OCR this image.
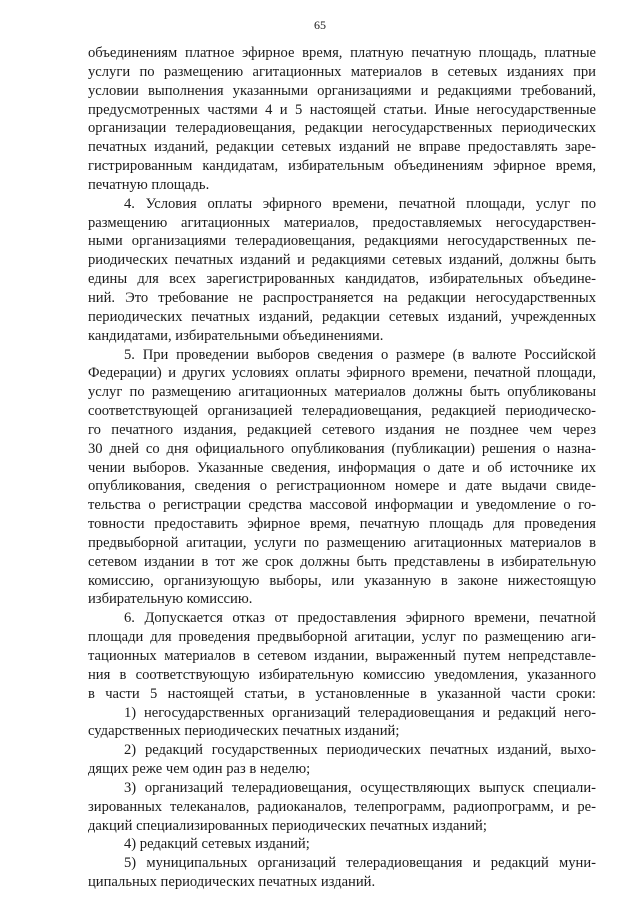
65
объединениям платное эфирное время, платную печатную площадь, платные
услуги по размещению агитационных материалов в сетевых изданиях при
условии выполнения указанными организациями и редакциями требований,
предусмотренных частями 4 и 5 настоящей статьи. Иные негосударственные
организации телерадиовещания, редакции негосударственных периодических
печатных изданий, редакции сетевых изданий не вправе предоставлять заре-
гистрированным кандидатам, избирательным объединениям эфирное время,
печатную площадь.
4. Условия оплаты эфирного времени, печатной площади, услуг по
размещению агитационных материалов, предоставляемых негосударствен-
ными организациями телерадиовещания, редакциями негосударственных пе-
риодических печатных изданий и редакциями сетевых изданий, должны быть
едины для всех зарегистрированных кандидатов, избирательных объедине-
ний. Это требование не распространяется на редакции негосударственных
периодических печатных изданий, редакции сетевых изданий, учрежденных
кандидатами, избирательными объединениями.
5. При проведении выборов сведения о размере (в валюте Российской
Федерации) и других условиях оплаты эфирного времени, печатной площади,
услуг по размещению агитационных материалов должны быть опубликованы
соответствующей организацией телерадиовещания, редакцией периодическо-
го печатного издания, редакцией сетевого издания не позднее чем через
30 дней со дня официального опубликования (публикации) решения о назна-
чении выборов. Указанные сведения, информация о дате и об источнике их
опубликования, сведения о регистрационном номере и дате выдачи свиде-
тельства о регистрации средства массовой информации и уведомление о го-
товности предоставить эфирное время, печатную площадь для проведения
предвыборной агитации, услуги по размещению агитационных материалов в
сетевом издании в тот же срок должны быть представлены в избирательную
комиссию, организующую выборы, или указанную в законе нижестоящую
избирательную комиссию.
6. Допускается отказ от предоставления эфирного времени, печатной
площади для проведения предвыборной агитации, услуг по размещению аги-
тационных материалов в сетевом издании, выраженный путем непредставле-
ния в соответствующую избирательную комиссию уведомления, указанного
в части 5 настоящей статьи, в установленные в указанной части сроки:
1) негосударственных организаций телерадиовещания и редакций него-
сударственных периодических печатных изданий;
2) редакций государственных периодических печатных изданий, выхо-
дящих реже чем один раз в неделю;
3) организаций телерадиовещания, осуществляющих выпуск специали-
зированных телеканалов, радиоканалов, телепрограмм, радиопрограмм, и ре-
дакций специализированных периодических печатных изданий;
4) редакций сетевых изданий;
5) муниципальных организаций телерадиовещания и редакций муни-
ципальных периодических печатных изданий.
